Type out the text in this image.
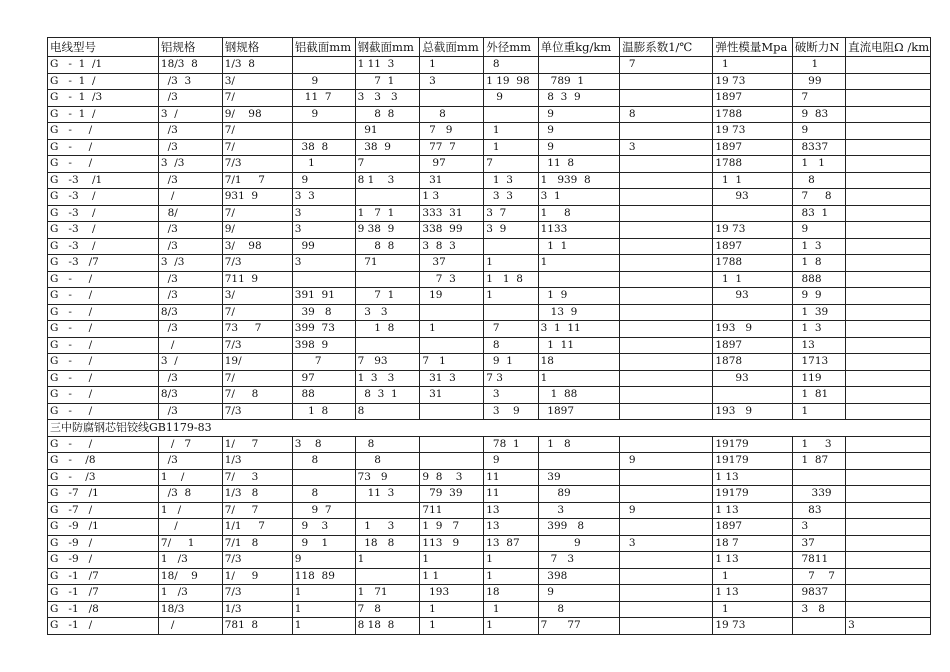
电线型号	铝规格	钢规格	铝截面mm	钢截面mm	总截面mm	外径mm	单位重kg/km	温膨系数1/℃	弹性模量Mpa	破断力N	直流电阻Ω /km
G   -  1  /1	18/3  8	1/3  8		1 11  3	1	8		7	1	1	
G   -  1  /	/3  3	3/	9	7  1	3	1 19  98	789  1		19 73	99	
G   -  1  /3	/3	7/	11  7	3   3   3		9	8  3  9		1897	7	
G   -  1  /	3  /	9/    98	9	8  8	8		9	8	1788	9  83	
G   -     /	/3	7/		91	7   9	1	9		19 73	9	
G   -     /	/3	7/	38  8	38  9	77  7	1	9	3	1897	8337	
G   -     /	3  /3	7/3	1	7	97	7	11  8		1788	1   1	
G   -3    /1	/3	7/1     7	9	8 1    3	31	1  3	1   939  8		1  1	8	
G   -3    /	/	931  9	3  3		1 3	3  3	3  1		93	7     8	
G   -3    /	8/	7/	3	1   7  1	333  31	3  7	1     8			83  1	
G   -3    /	/3	9/	3	9 38  9	338  99	3  9	1133		19 73	9	
G   -3    /	/3	3/    98	99	8  8	3  8  3		1  1		1897	1  3	
G   -3   /7	3  /3	7/3	3	71	37	1	1		1788	1  8	
G   -     /	/3	711  9			7  3	1   1  8			1  1	888	
G   -     /	/3	3/	391  91	7  1	19	1	1  9		93	9  9	
G   -     /	8/3	7/	39   8	3   3			13  9			1  39	
G   -     /	/3	73     7	399  73	1  8	1	7	3  1  11		193   9	1  3	
G   -     /	/	7/3	398  9			8	1  11		1897	13	
G   -     /	3  /	19/	7	7   93	7   1	9  1	18		1878	1713	
G   -     /	/3	7/	97	1  3   3	31  3	7 3	1		93	119	
G   -     /	8/3	7/     8	88	8  3  1	31	3	1  88			1  81	
G   -     /	/3	7/3	1  8	8		3    9	1897		193   9	1	
三中防腐钢芯铝铰线GB1179-83											
G   -     /	/   7	1/     7	3    8	8		78  1	1   8		19179	1     3	
G   -    /8	/3	1/3	8	8		9		9	19179	1  87	
G   -    /3	1    /	7/     3		73   9	9  8    3	11	39		1 13		
G   -7   /1	/3  8	1/3   8	8	11  3	79  39	11	89		19179	339	
G   -7   /	1   /	7/     7	9  7		711	13	3	9	1 13	83	
G   -9   /1	/	1/1     7	9    3	1     3	1  9   7	13	399   8		1897	3	
G   -9   /	7/     1	7/1   8	9    1	18   8	113   9	13  87	9	3	18 7	37	
G   -9   /	1   /3	7/3	9	1	1	1	7   3		1 13	7811	
G   -1   /7	18/    9	1/     9	118  89		1 1	1	398		1	7    7	
G   -1   /7	1   /3	7/3	1	1   71	193	18	9		1 13	9837	
G   -1   /8	18/3	1/3	1	7   8	1	1	8		1	3   8	
G   -1   /	/	781  8	1	8 18  8	1	1	7      77		19 73		3
